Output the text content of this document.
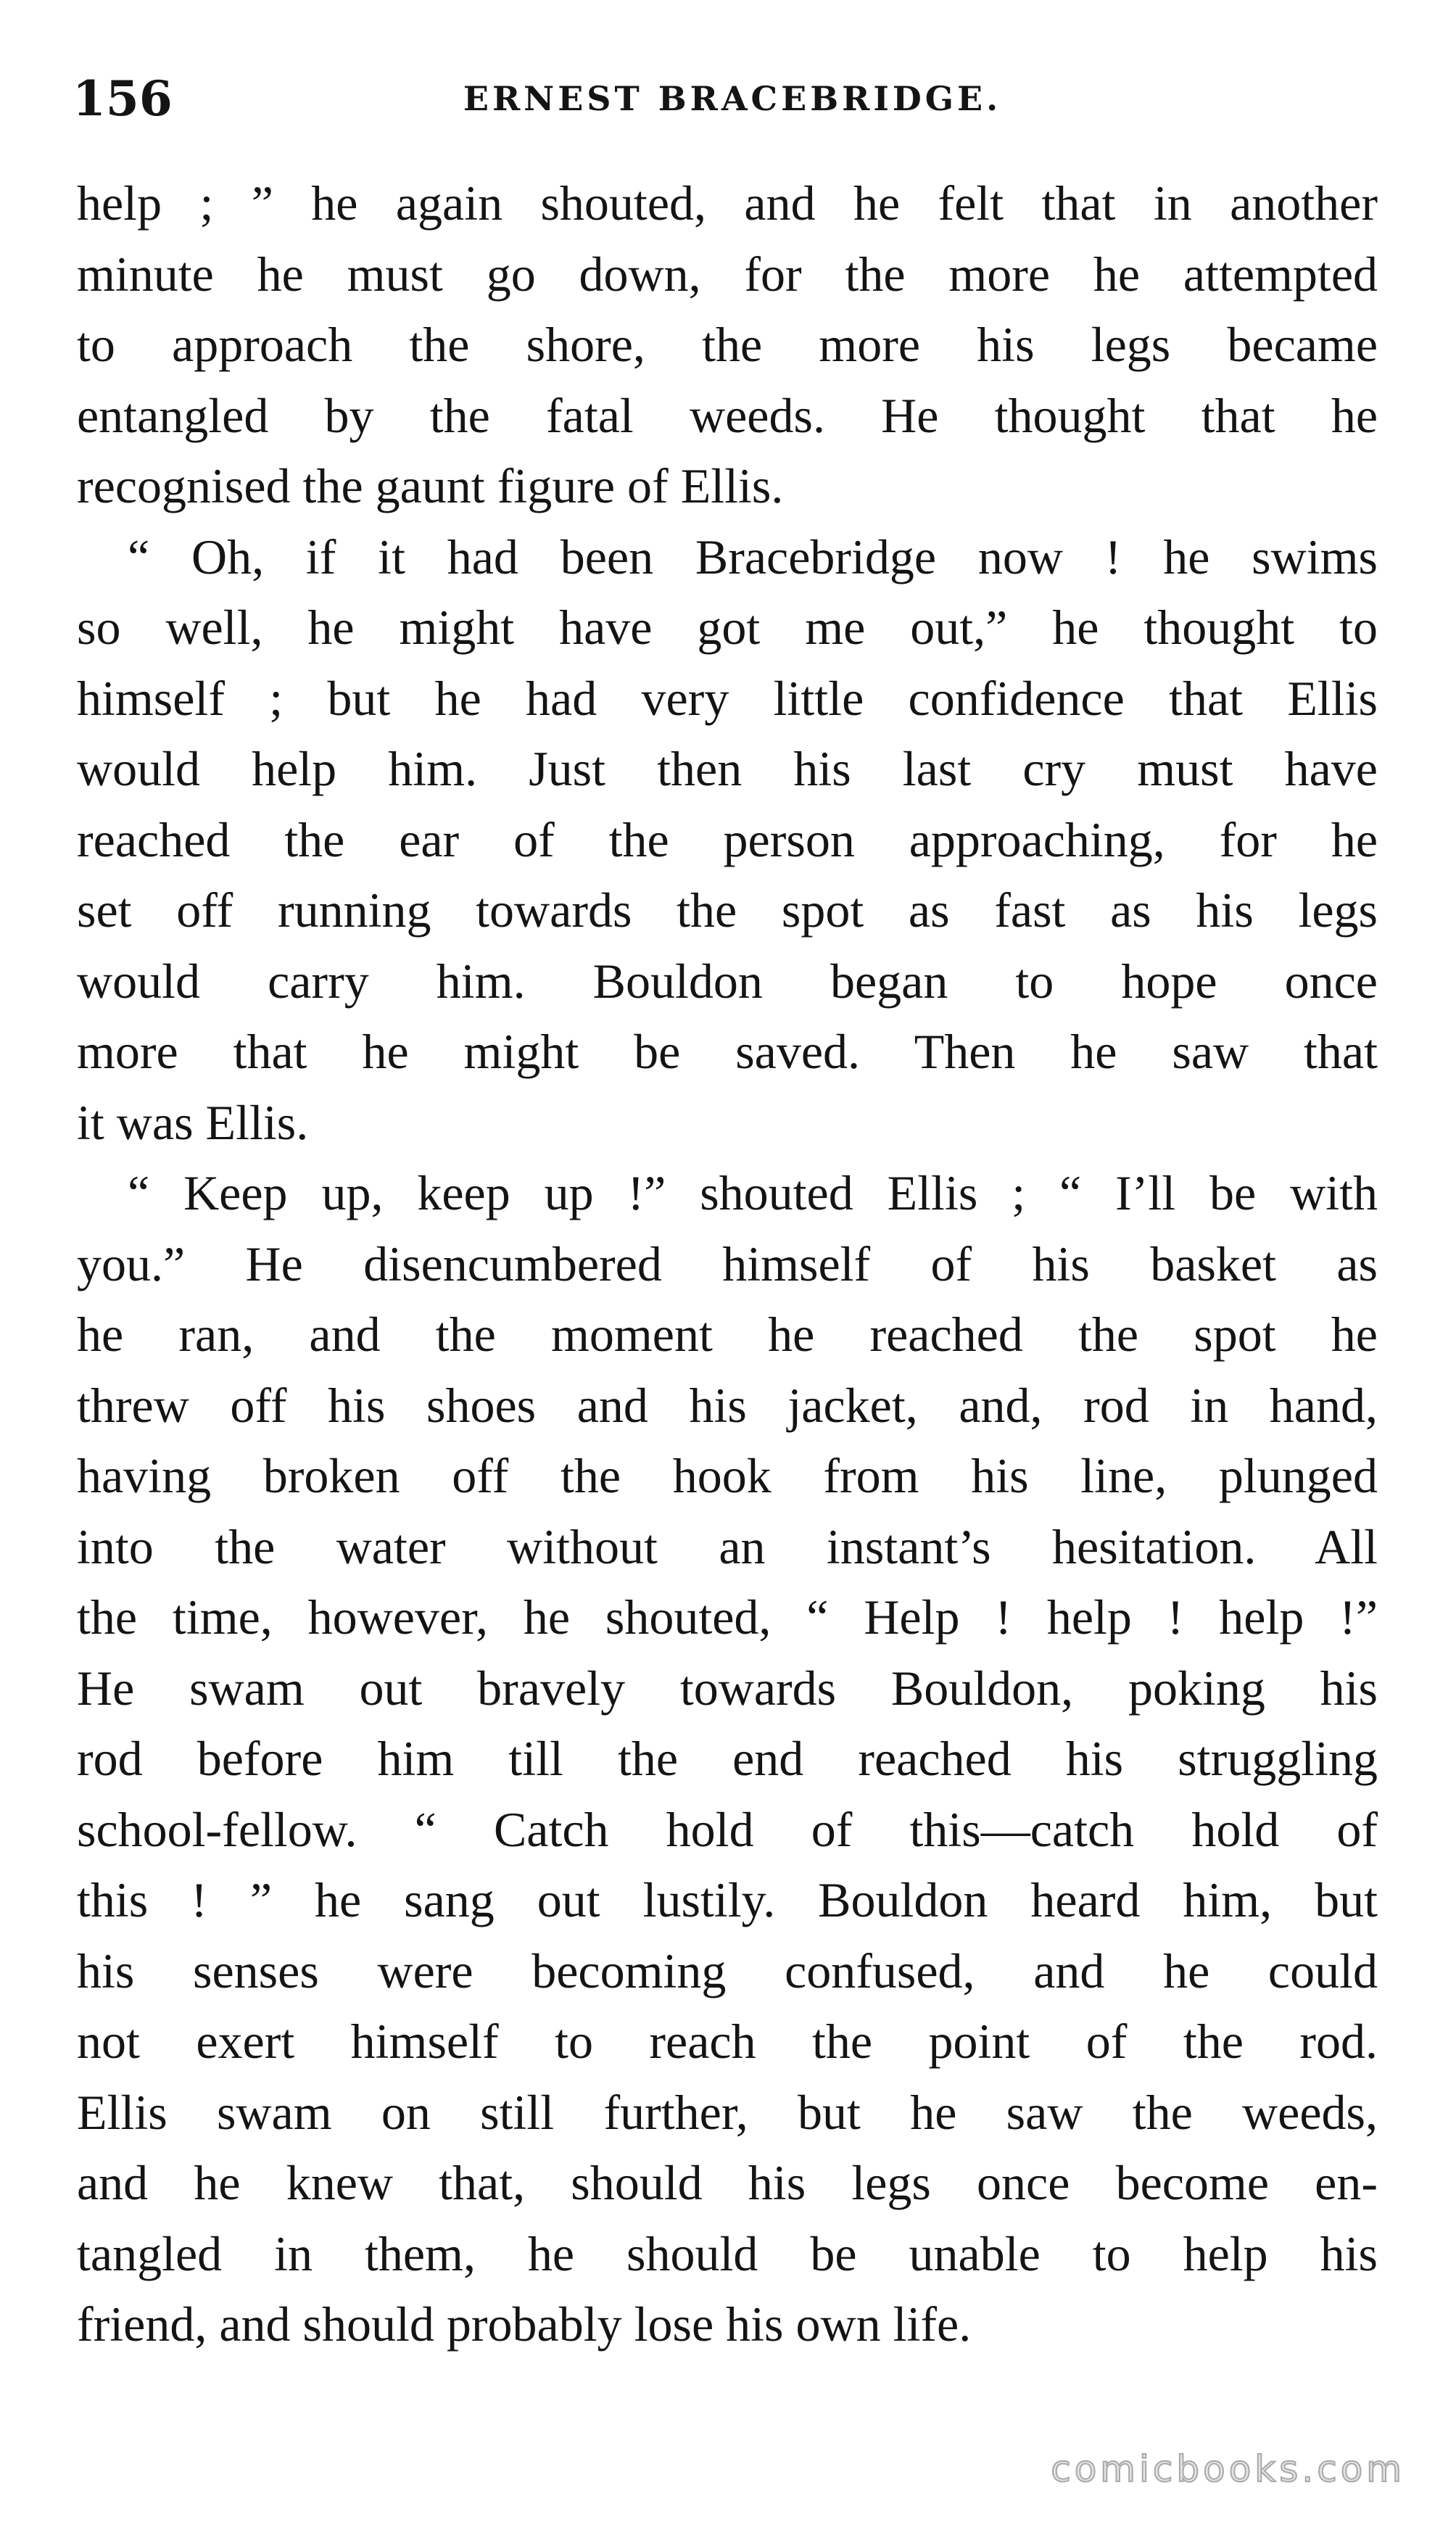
156	ERNEST BRACEBRIDGE.
help ; ” he again shouted, and he felt that in another
minute he must go down, for the more he attempted
to approach the shore, the more his legs became
entangled by the fatal weeds. He thought that he
recognised the gaunt figure of Ellis.
“ Oh, if it had been Bracebridge now ! he swims
so well, he might have got me out,” he thought to
himself ; but he had very little confidence that Ellis
would help him. Just then his last cry must have
reached the ear of the person approaching, for he
set off running towards the spot as fast as his legs
would carry him. Bouldon began to hope once
more that he might be saved. Then he saw that
it was Ellis.
“ Keep up, keep up !” shouted Ellis ; “ I’ll be with
you.” He disencumbered himself of his basket as
he ran, and the moment he reached the spot he
threw off his shoes and his jacket, and, rod in hand,
having broken off the hook from his line, plunged
into the water without an instant’s hesitation. All
the time, however, he shouted, “ Help ! help ! help !”
He swam out bravely towards Bouldon, poking his
rod before him till the end reached his struggling
school-fellow. “ Catch hold of this—catch hold of
this ! ” he sang out lustily. Bouldon heard him, but
his senses were becoming confused, and he could
not exert himself to reach the point of the rod.
Ellis swam on still further, but he saw the weeds,
and he knew that, should his legs once become en-
tangled in them, he should be unable to help his
friend, and should probably lose his own life.
comicbooks.com
